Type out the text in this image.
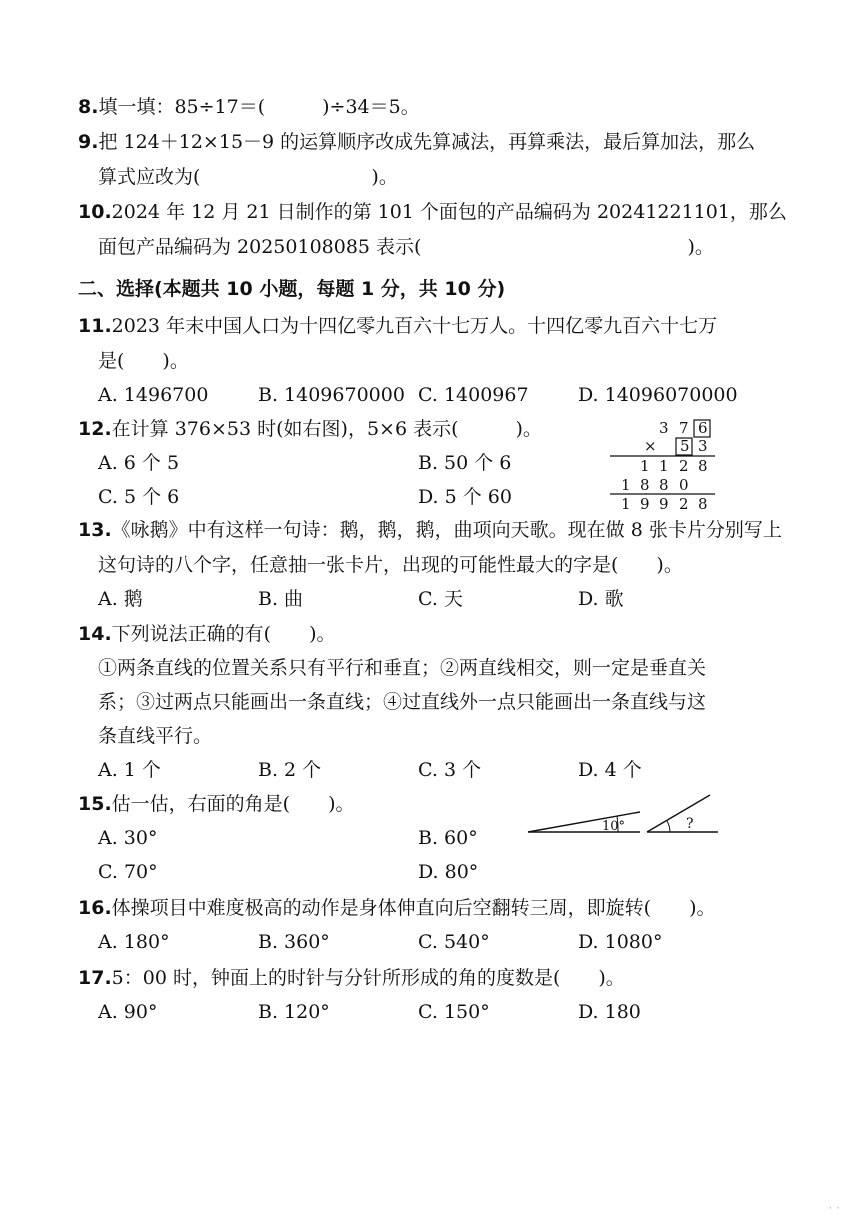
8.填一填：85÷17＝(　　　)÷34＝5。
9.把 124＋12×15－9 的运算顺序改成先算减法，再算乘法，最后算加法，那么
算式应改为(　　　　　　　　　)。
10.2024 年 12 月 21 日制作的第 101 个面包的产品编码为 20241221101，那么
面包产品编码为 20250108085 表示(　　　　　　　　　　　　　　)。
二、选择(本题共 10 小题，每题 1 分，共 10 分)
11.2023 年末中国人口为十四亿零九百六十七万人。十四亿零九百六十七万
是(　　)。
A. 1496700	B. 1409670000 C. 1400967	D. 14096070000
12.在计算 376×53 时(如右图)，5×6 表示(　　　)。
A. 6 个 5	B. 50 个 6
C. 5 个 6	D. 5 个 60
3 7 6
× 5 3
1 1 2 8
1 8 8 0
1 9 9 2 8
13.《咏鹅》中有这样一句诗：鹅，鹅，鹅，曲项向天歌。现在做 8 张卡片分别写上
这句诗的八个字，任意抽一张卡片，出现的可能性最大的字是(　　)。
A. 鹅	B. 曲	C. 天	D. 歌
14.下列说法正确的有(　　)。
①两条直线的位置关系只有平行和垂直；②两直线相交，则一定是垂直关
系；③过两点只能画出一条直线；④过直线外一点只能画出一条直线与这
条直线平行。
A. 1 个	B. 2 个	C. 3 个	D. 4 个
15.估一估，右面的角是(　　)。
A. 30°	B. 60°
C. 70°	D. 80°
10°	?
16.体操项目中难度极高的动作是身体伸直向后空翻转三周，即旋转(　　)。
A. 180°	B. 360°	C. 540°	D. 1080°
17.5：00 时，钟面上的时针与分针所形成的角的度数是(　　)。
A. 90°	B. 120°	C. 150°	D. 180
· ·
